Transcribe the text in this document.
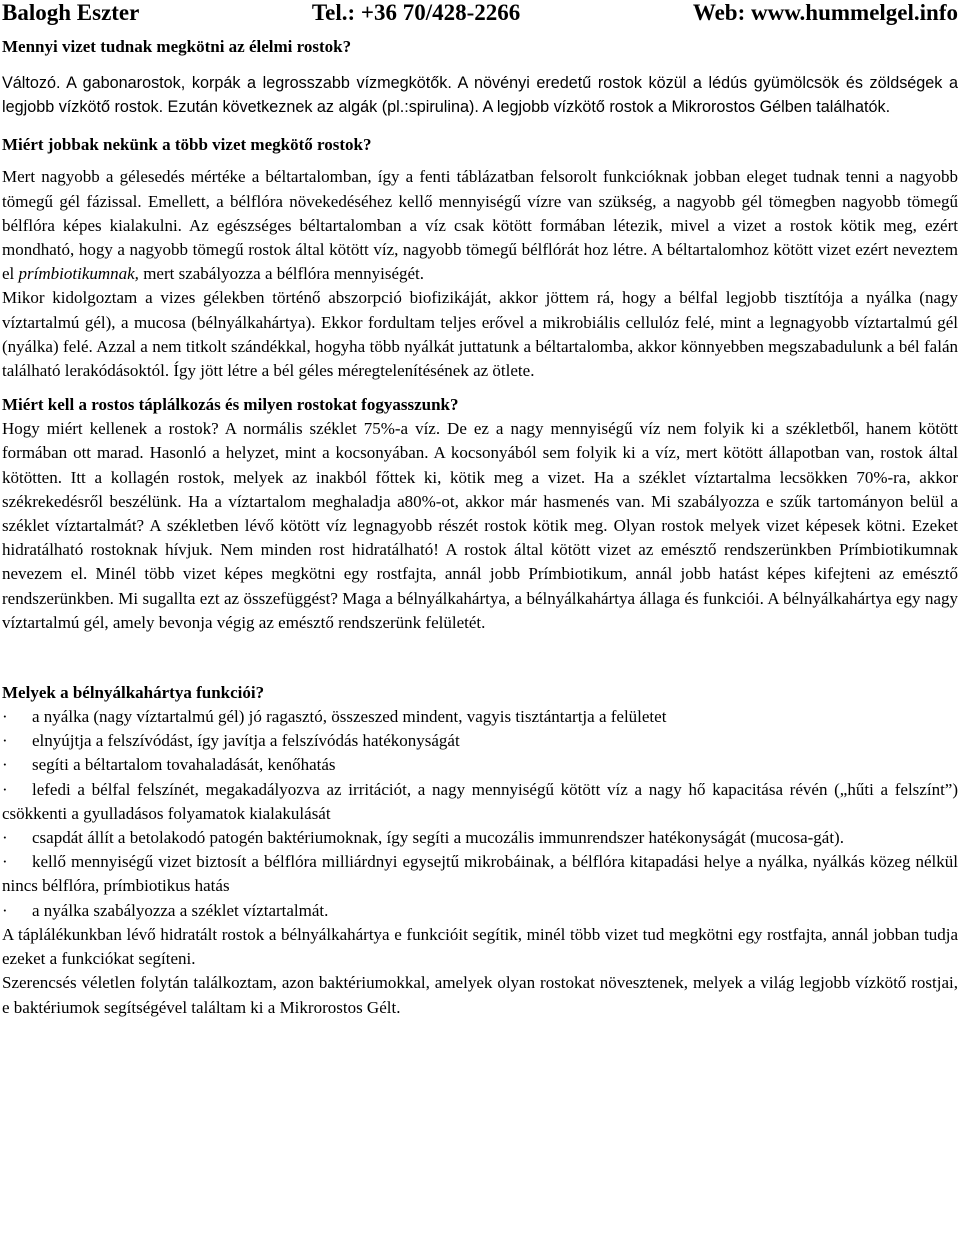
Balogh Eszter	Tel.: +36 70/428-2266	Web: www.hummelgel.info
Mennyi vizet tudnak megkötni az élelmi rostok?

Változó. A gabonarostok, korpák a legrosszabb vízmegkötők. A növényi eredetű rostok közül a lédús gyümölcsök és zöldségek a legjobb vízkötő rostok. Ezután következnek az algák (pl.:spirulina). A legjobb vízkötő rostok a Mikrorostos Gélben találhatók.

Miért jobbak nekünk a több vizet megkötő rostok?

Mert nagyobb a gélesedés mértéke a béltartalomban, így a fenti táblázatban felsorolt funkcióknak jobban eleget tudnak tenni a nagyobb tömegű gél fázissal. Emellett, a bélflóra növekedéséhez kellő mennyiségű vízre van szükség, a nagyobb gél tömegben nagyobb tömegű bélflóra képes kialakulni. Az egészséges béltartalomban a víz csak kötött formában létezik, mivel a vizet a rostok kötik meg, ezért mondható, hogy a nagyobb tömegű rostok által kötött víz, nagyobb tömegű bélflórát hoz létre. A béltartalomhoz kötött vizet ezért neveztem el prímbiotikumnak, mert szabályozza a bélflóra mennyiségét.

Mikor kidolgoztam a vizes gélekben történő abszorpció biofizikáját, akkor jöttem rá, hogy a bélfal legjobb tisztítója a nyálka (nagy víztartalmú gél), a mucosa (bélnyálkahártya). Ekkor fordultam teljes erővel a mikrobiális cellulóz felé, mint a legnagyobb víztartalmú gél (nyálka) felé. Azzal a nem titkolt szándékkal, hogyha több nyálkát juttatunk a béltartalomba, akkor könnyebben megszabadulunk a bél falán található lerakódásoktól. Így jött létre a bél géles méregtelenítésének az ötlete.

Miért kell a rostos táplálkozás és milyen rostokat fogyasszunk?

Hogy miért kellenek a rostok? A normális széklet 75%-a víz. De ez a nagy mennyiségű víz nem folyik ki a székletből, hanem kötött formában ott marad. Hasonló a helyzet, mint a kocsonyában. A kocsonyából sem folyik ki a víz, mert kötött állapotban van, rostok által kötötten. Itt a kollagén rostok, melyek az inakból főttek ki, kötik meg a vizet. Ha a széklet víztartalma lecsökken 70%-ra, akkor székrekedésről beszélünk. Ha a víztartalom meghaladja a80%-ot, akkor már hasmenés van. Mi szabályozza e szűk tartományon belül a széklet víztartalmát? A székletben lévő kötött víz legnagyobb részét rostok kötik meg. Olyan rostok melyek vizet képesek kötni. Ezeket hidratálható rostoknak hívjuk. Nem minden rost hidratálható! A rostok által kötött vizet az emésztő rendszerünkben Prímbiotikumnak nevezem el. Minél több vizet képes megkötni egy rostfajta, annál jobb Prímbiotikum, annál jobb hatást képes kifejteni az emésztő rendszerünkben. Mi sugallta ezt az összefüggést? Maga a bélnyálkahártya, a bélnyálkahártya állaga és funkciói. A bélnyálkahártya egy nagy víztartalmú gél, amely bevonja végig az emésztő rendszerünk felületét.

Melyek a bélnyálkahártya funkciói?

· a nyálka (nagy víztartalmú gél) jó ragasztó, összeszed mindent, vagyis tisztántartja a felületet

· elnyújtja a felszívódást, így javítja a felszívódás hatékonyságát

· segíti a béltartalom tovahaladását, kenőhatás

· lefedi a bélfal felszínét, megakadályozva az irritációt, a nagy mennyiségű kötött víz a nagy hő kapacitása révén („hűti a felszínt”) csökkenti a gyulladásos folyamatok kialakulását

· csapdát állít a betolakodó patogén baktériumoknak, így segíti a mucozális immunrendszer hatékonyságát (mucosa-gát).

· kellő mennyiségű vizet biztosít a bélflóra milliárdnyi egysejtű mikrobáinak, a bélflóra kitapadási helye a nyálka, nyálkás közeg nélkül nincs bélflóra, prímbiotikus hatás

· a nyálka szabályozza a széklet víztartalmát.

A táplálékunkban lévő hidratált rostok a bélnyálkahártya e funkcióit segítik, minél több vizet tud megkötni egy rostfajta, annál jobban tudja ezeket a funkciókat segíteni.

Szerencsés véletlen folytán találkoztam, azon baktériumokkal, amelyek olyan rostokat növesztenek, melyek a világ legjobb vízkötő rostjai, e baktériumok segítségével találtam ki a Mikrorostos Gélt.
